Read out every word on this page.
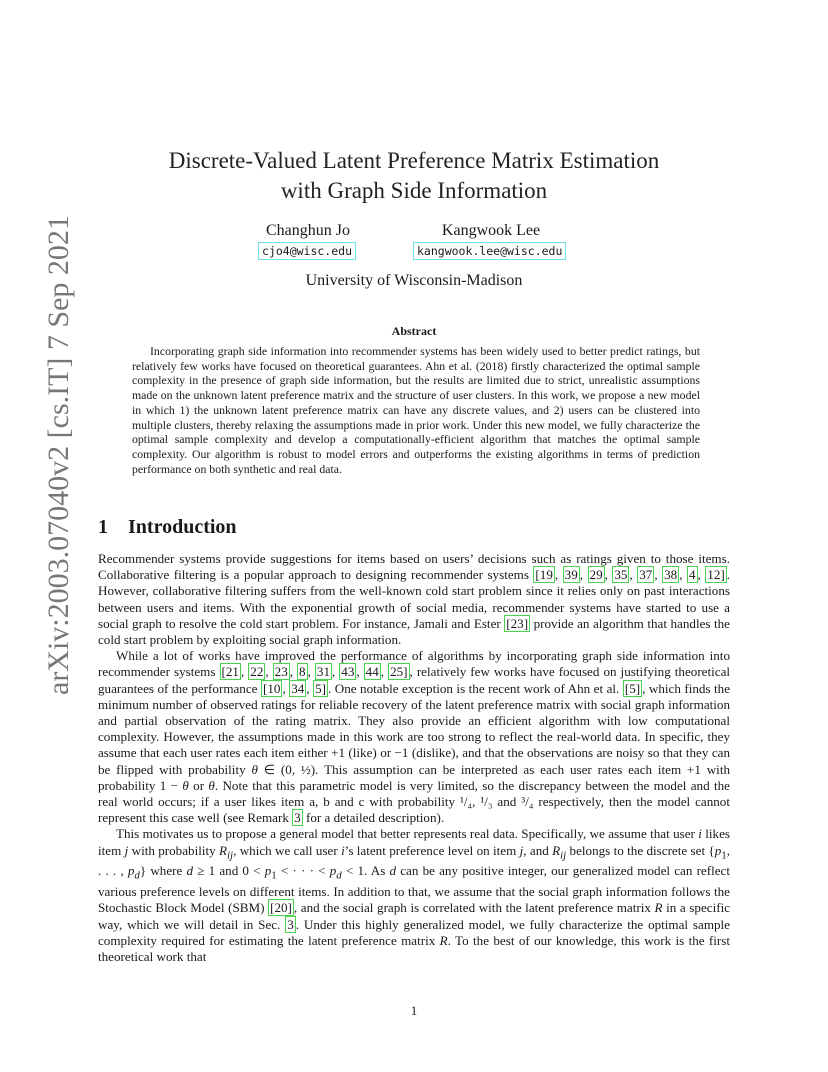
arXiv:2003.07040v2 [cs.IT] 7 Sep 2021
Discrete-Valued Latent Preference Matrix Estimation
with Graph Side Information
Changhun Jo
cjo4@wisc.edu
Kangwook Lee
kangwook.lee@wisc.edu
University of Wisconsin-Madison
Abstract
Incorporating graph side information into recommender systems has been widely used to better predict ratings, but relatively few works have focused on theoretical guarantees. Ahn et al. (2018) firstly characterized the optimal sample complexity in the presence of graph side information, but the results are limited due to strict, unrealistic assumptions made on the unknown latent preference matrix and the structure of user clusters. In this work, we propose a new model in which 1) the unknown latent preference matrix can have any discrete values, and 2) users can be clustered into multiple clusters, thereby relaxing the assumptions made in prior work. Under this new model, we fully characterize the optimal sample complexity and develop a computationally-efficient algorithm that matches the optimal sample complexity. Our algorithm is robust to model errors and outperforms the existing algorithms in terms of prediction performance on both synthetic and real data.
1 Introduction

Recommender systems provide suggestions for items based on users’ decisions such as ratings given to those items. Collaborative filtering is a popular approach to designing recommender systems [19 , 39 , 29 , 35 , 37 , 38 , 4 , 12] . However, collaborative filtering suffers from the well-known cold start problem since it relies only on past interactions between users and items. With the exponential growth of social media, recommender systems have started to use a social graph to resolve the cold start problem. For instance, Jamali and Ester [23] provide an algorithm that handles the cold start problem by exploiting social graph information.

While a lot of works have improved the performance of algorithms by incorporating graph side information into recommender systems [21 , 22 , 23 , 8 , 31 , 43 , 44 , 25] , relatively few works have focused on justifying theoretical guarantees of the performance [10 , 34 , 5] . One notable exception is the recent work of Ahn et al. [5] , which finds the minimum number of observed ratings for reliable recovery of the latent preference matrix with social graph information and partial observation of the rating matrix. They also provide an efficient algorithm with low computational complexity. However, the assumptions made in this work are too strong to reflect the real-world data. In specific, they assume that each user rates each item either +1 (like) or −1 (dislike), and that the observations are noisy so that they can be flipped with probability θ ∈ (0, ½). This assumption can be interpreted as each user rates each item +1 with probability 1 − θ or θ. Note that this parametric model is very limited, so the discrepancy between the model and the real world occurs; if a user likes item a, b and c with probability ¹/₄, ¹/₃ and ³/₄ respectively, then the model cannot represent this case well (see Remark 3 for a detailed description).

This motivates us to propose a general model that better represents real data. Specifically, we assume that user i likes item j with probability $R_{ij}$, which we call user i’s latent preference level on item j, and $R_{ij}$ belongs to the discrete set {$p_1$, . . . , $p_d$} where d ≥ 1 and $0 < p_1$ < · · · < $p_d < 1$. As d can be any positive integer, our generalized model can reflect various preference levels on different items. In addition to that, we assume that the social graph information follows the Stochastic Block Model (SBM) [20] , and the social graph is correlated with the latent preference matrix R in a specific way, which we will detail in Sec. 3 . Under this highly generalized model, we fully characterize the optimal sample complexity required for estimating the latent preference matrix R. To the best of our knowledge, this work is the first theoretical work that

1
